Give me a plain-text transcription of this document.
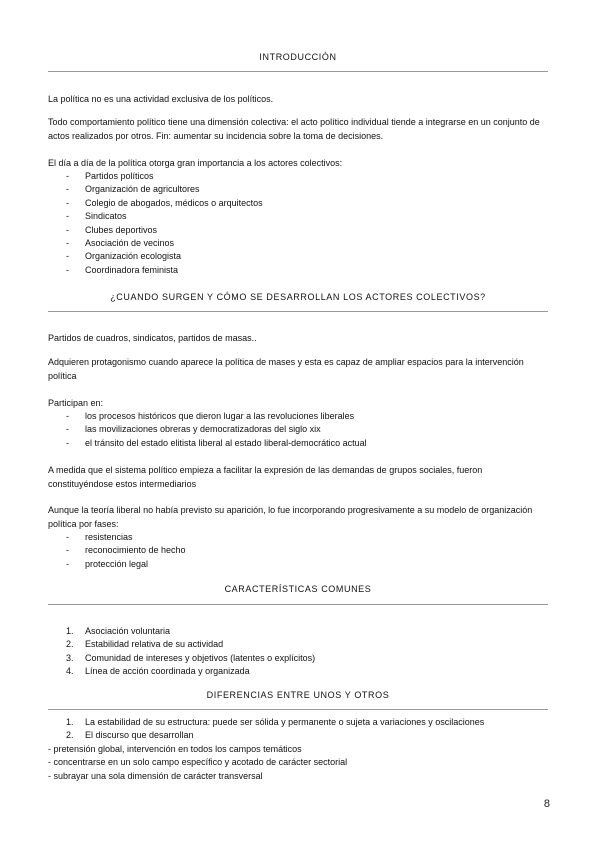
INTRODUCCIÓN
La política no es una actividad exclusiva de los políticos.
Todo comportamiento político tiene una dimensión colectiva: el acto político individual tiende a integrarse en un conjunto de actos realizados por otros. Fin: aumentar su incidencia sobre la toma de decisiones.
El día a día de la política otorga gran importancia a los actores colectivos:
- Partidos políticos
- Organización de agricultores
- Colegio de abogados, médicos o arquitectos
- Sindicatos
- Clubes deportivos
- Asociación de vecinos
- Organización ecologista
- Coordinadora feminista
¿CUANDO SURGEN Y CÓMO SE DESARROLLAN LOS ACTORES COLECTIVOS?
Partidos de cuadros, sindicatos, partidos de masas..
Adquieren protagonismo cuando aparece la política de mases y esta es capaz de ampliar espacios para la intervención política
Participan en:
- los procesos históricos que dieron lugar a las revoluciones liberales
- las movilizaciones obreras y democratizadoras del siglo xix
- el tránsito del estado elitista liberal al estado liberal-democrático actual
A medida que el sistema político empieza a facilitar la expresión de las demandas de grupos sociales, fueron constituyéndose estos intermediarios
Aunque la teoría liberal no había previsto su aparición, lo fue incorporando progresivamente a su modelo de organización política por fases:
- resistencias
- reconocimiento de hecho
- protección legal
CARACTERÍSTICAS COMUNES
1. Asociación voluntaria
2. Estabilidad relativa de su actividad
3. Comunidad de intereses y objetivos (latentes o explícitos)
4. Línea de acción coordinada y organizada
DIFERENCIAS ENTRE UNOS Y OTROS
1. La estabilidad de su estructura: puede ser sólida y permanente o sujeta a variaciones y oscilaciones
2. El discurso que desarrollan
- pretensión global, intervención en todos los campos temáticos
- concentrarse en un solo campo específico y acotado de carácter sectorial
- subrayar una sola dimensión de carácter transversal
8
